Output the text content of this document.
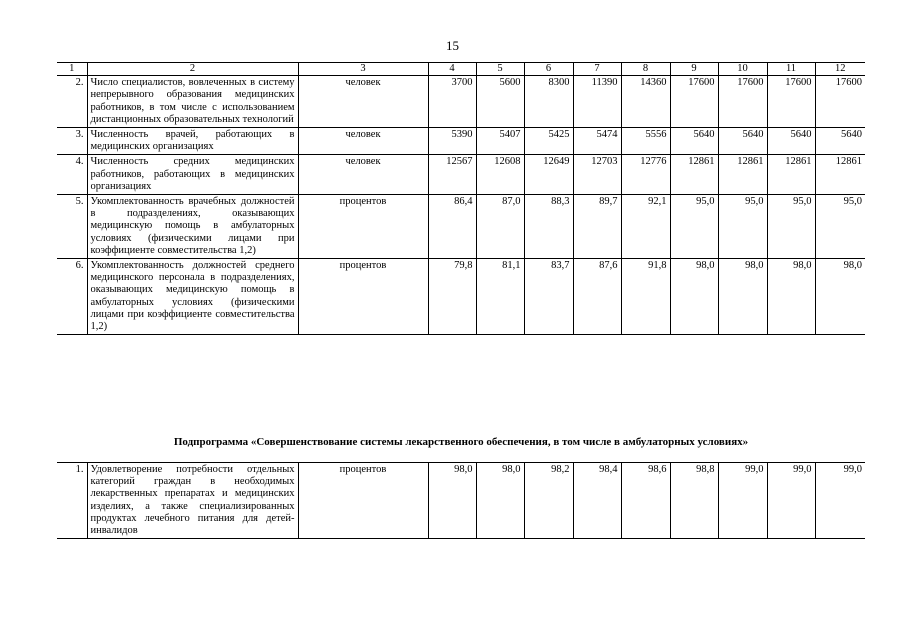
15
1	2	3	4	5	6	7	8	9	10	11	12
2.	Число специалистов, вовлеченных в систему непрерывного образования медицинских работников, в том числе с использованием дистанционных образовательных технологий	человек	3700	5600	8300	11390	14360	17600	17600	17600	17600
3.	Численность врачей, работающих в медицинских организациях	человек	5390	5407	5425	5474	5556	5640	5640	5640	5640
4.	Численность средних медицинских работников, работающих в медицинских организациях	человек	12567	12608	12649	12703	12776	12861	12861	12861	12861
5.	Укомплектованность врачебных должностей в подразделениях, оказывающих медицинскую помощь в амбулаторных условиях (физическими лицами при коэффициенте совместительства 1,2)	процентов	86,4	87,0	88,3	89,7	92,1	95,0	95,0	95,0	95,0
6.	Укомплектованность должностей среднего медицинского персонала в подразделениях, оказывающих медицинскую помощь в амбулаторных условиях (физическими лицами при коэффициенте совместительства 1,2)	процентов	79,8	81,1	83,7	87,6	91,8	98,0	98,0	98,0	98,0
Подпрограмма «Совершенствование системы лекарственного обеспечения, в том числе в амбулаторных условиях»
1.	Удовлетворение потребности отдельных категорий граждан в необходимых лекарственных препаратах и медицинских изделиях, а также специализированных продуктах лечебного питания для детей-инвалидов	процентов	98,0	98,0	98,2	98,4	98,6	98,8	99,0	99,0	99,0
